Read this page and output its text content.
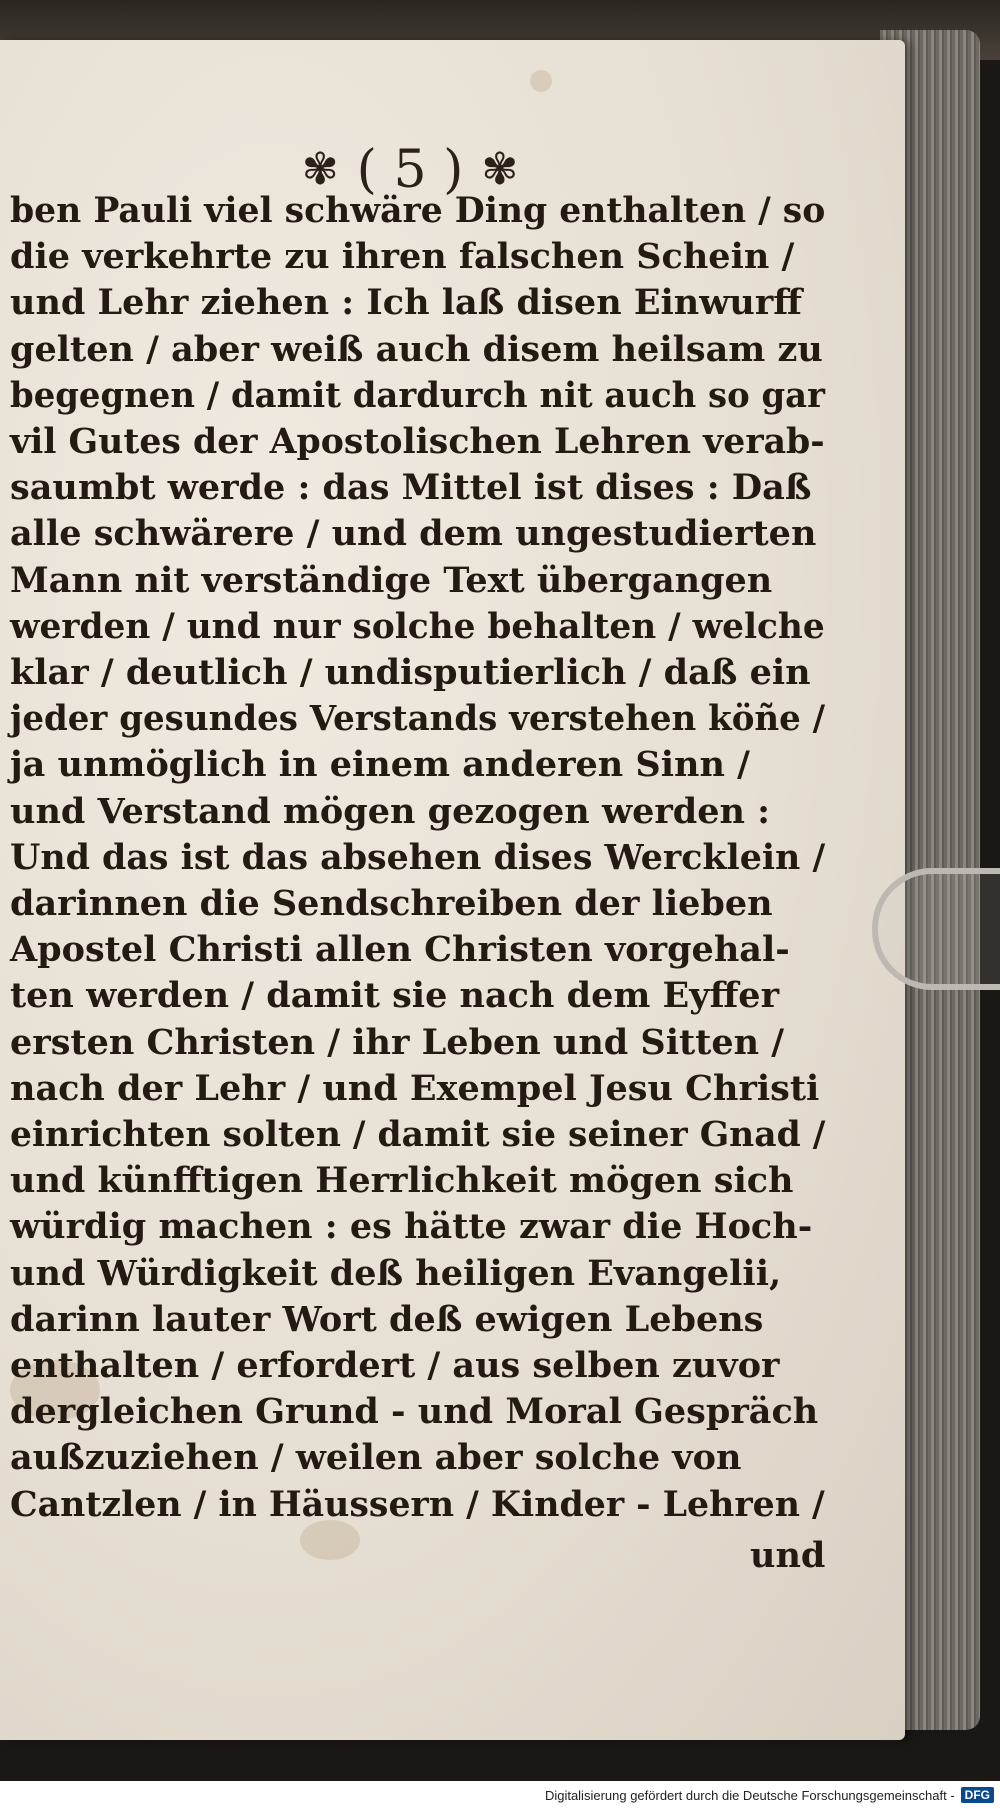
✾ ( 5 ) ✾
ben Pauli viel schwäre Ding enthalten / so
die verkehrte zu ihren falschen Schein /
und Lehr ziehen : Ich laß disen Einwurff
gelten / aber weiß auch disem heilsam zu
begegnen / damit dardurch nit auch so gar
vil Gutes der Apostolischen Lehren verab-
saumbt werde : das Mittel ist dises : Daß
alle schwärere / und dem ungestudierten
Mann nit verständige Text übergangen
werden / und nur solche behalten / welche
klar / deutlich / undisputierlich / daß ein
jeder gesundes Verstands verstehen köñe /
ja unmöglich in einem anderen Sinn /
und Verstand mögen gezogen werden :
Und das ist das absehen dises Wercklein /
darinnen die Sendschreiben der lieben
Apostel Christi allen Christen vorgehal-
ten werden / damit sie nach dem Eyffer
ersten Christen / ihr Leben und Sitten /
nach der Lehr / und Exempel Jesu Christi
einrichten solten / damit sie seiner Gnad /
und künfftigen Herrlichkeit mögen sich
würdig machen : es hätte zwar die Hoch-
und Würdigkeit deß heiligen Evangelii,
darinn lauter Wort deß ewigen Lebens
enthalten / erfordert / aus selben zuvor
dergleichen Grund - und Moral Gespräch
außzuziehen / weilen aber solche von
Cantzlen / in Häussern / Kinder - Lehren /
und
Digitalisierung gefördert durch die Deutsche Forschungsgemeinschaft - DFG
